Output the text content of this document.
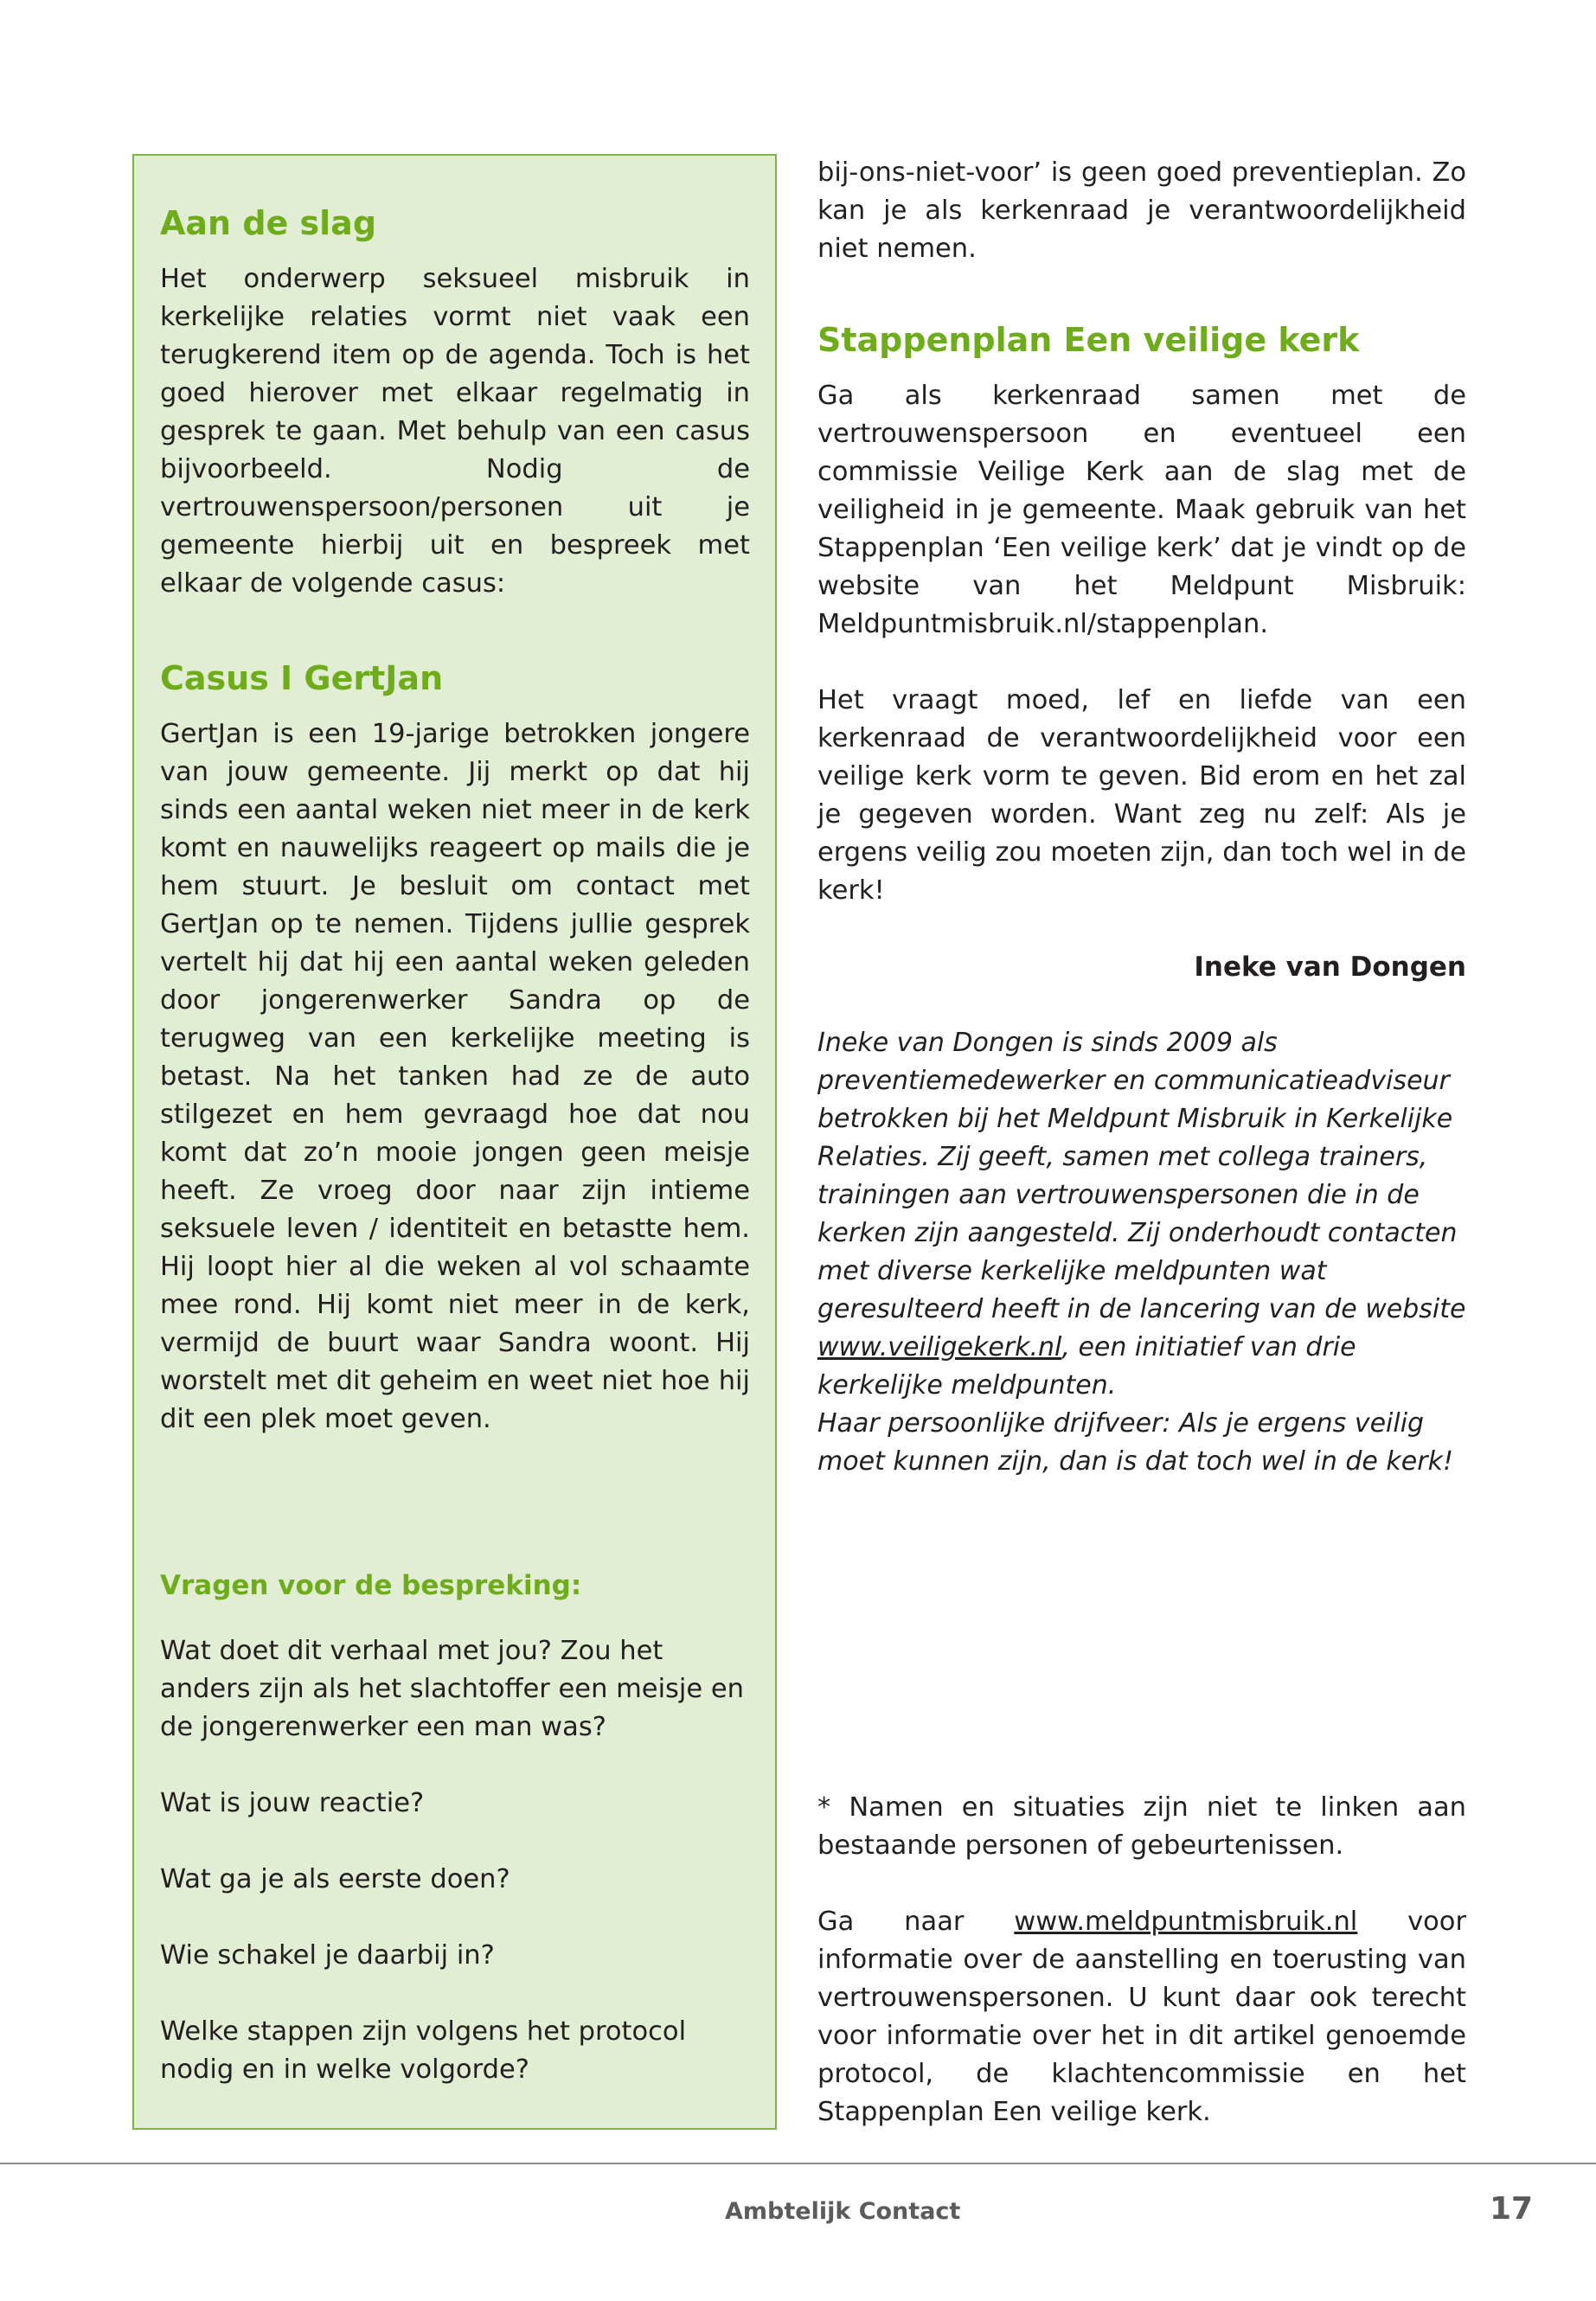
Aan de slag

Het onderwerp seksueel misbruik in kerkelijke relaties vormt niet vaak een terugkerend item op de agenda. Toch is het goed hierover met elkaar regelmatig in gesprek te gaan. Met behulp van een casus bijvoorbeeld. Nodig de vertrouwenspersoon/personen uit je gemeente hierbij uit en bespreek met elkaar de volgende casus:

Casus I GertJan

GertJan is een 19-jarige betrokken jongere van jouw gemeente. Jij merkt op dat hij sinds een aantal weken niet meer in de kerk komt en nauwelijks reageert op mails die je hem stuurt. Je besluit om contact met GertJan op te nemen. Tijdens jullie gesprek vertelt hij dat hij een aantal weken geleden door jongerenwerker Sandra op de terugweg van een kerkelijke meeting is betast. Na het tanken had ze de auto stilgezet en hem gevraagd hoe dat nou komt dat zo’n mooie jongen geen meisje heeft. Ze vroeg door naar zijn intieme seksuele leven / identiteit en betastte hem. Hij loopt hier al die weken al vol schaamte mee rond. Hij komt niet meer in de kerk, vermijd de buurt waar Sandra woont. Hij worstelt met dit geheim en weet niet hoe hij dit een plek moet geven.

Vragen voor de bespreking:

Wat doet dit verhaal met jou? Zou het anders zijn als het slachtoffer een meisje en de jongerenwerker een man was?

Wat is jouw reactie?

Wat ga je als eerste doen?

Wie schakel je daarbij in?

Welke stappen zijn volgens het protocol nodig en in welke volgorde?

bij-ons-niet-voor’ is geen goed preventieplan. Zo kan je als kerkenraad je verantwoordelijkheid niet nemen.

Stappenplan Een veilige kerk

Ga als kerkenraad samen met de vertrouwenspersoon en eventueel een commissie Veilige Kerk aan de slag met de veiligheid in je gemeente. Maak gebruik van het Stappenplan ‘Een veilige kerk’ dat je vindt op de website van het Meldpunt Misbruik: Meldpuntmisbruik.nl/stappenplan.

Het vraagt moed, lef en liefde van een kerkenraad de verantwoordelijkheid voor een veilige kerk vorm te geven. Bid erom en het zal je gegeven worden. Want zeg nu zelf: Als je ergens veilig zou moeten zijn, dan toch wel in de kerk!

Ineke van Dongen

Ineke van Dongen is sinds 2009 als preventiemedewerker en communicatieadviseur betrokken bij het Meldpunt Misbruik in Kerkelijke Relaties. Zij geeft, samen met collega trainers, trainingen aan vertrouwenspersonen die in de kerken zijn aangesteld. Zij onderhoudt contacten met diverse kerkelijke meldpunten wat geresulteerd heeft in de lancering van de website www.veiligekerk.nl, een initiatief van drie kerkelijke meldpunten.

Haar persoonlijke drijfveer: Als je ergens veilig moet kunnen zijn, dan is dat toch wel in de kerk!

* Namen en situaties zijn niet te linken aan bestaande personen of gebeurtenissen.

Ga naar www.meldpuntmisbruik.nl voor informatie over de aanstelling en toerusting van vertrouwenspersonen. U kunt daar ook terecht voor informatie over het in dit artikel genoemde protocol, de klachtencommissie en het Stappenplan Een veilige kerk.

Ambtelijk Contact	17
